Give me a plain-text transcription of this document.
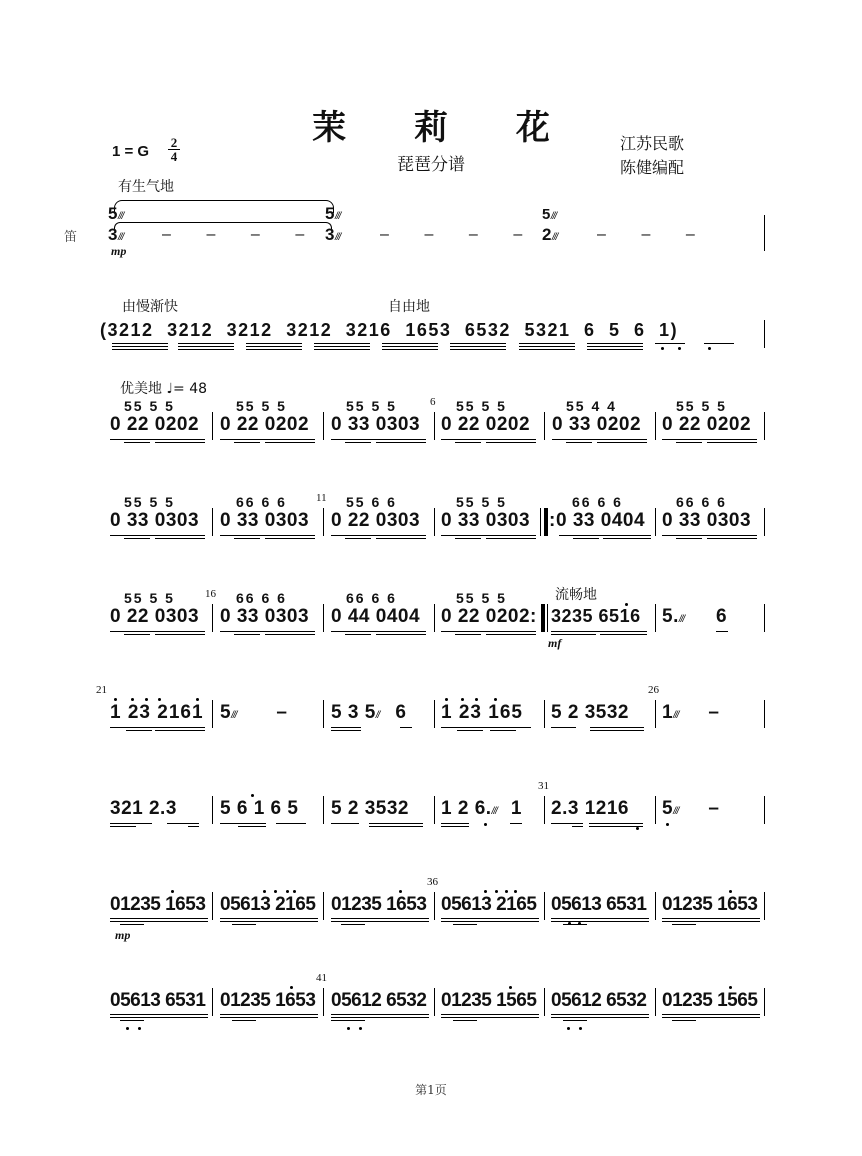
茉 莉 花
琵琶分谱
江苏民歌
陈健编配
1 = G
2
4
有生气地
笛
5///
3///
mp
–        –        –        –
5///
3/// –        –        –        –
5///
2/// –        –        –
由慢渐快	自由地
(3212 3212 3212 3212 3216 1653 6532 5321 6 5 6 1)
优美地 ♩= 48
55 5 5
0 22 0202
55 5 5
0 22 0202
55 5 5
0 33 0303
6 55 5 5
0 22 0202
55 4 4
0 33 0202
55 5 5
0 22 0202
55 5 5
0 33 0303
66 6 6
0 33 0303
11 55 6 6
0 22 0303
55 5 5
0 33 0303 :
66 6 6
0 33 0404
66 6 6
0 33 0303
流畅地
55 5 5
0 22 0303
16 66 6 6
0 33 0303
66 6 6
0 44 0404
55 5 5
0 22 0202: 3235 6516 5./// 6
mf
21
1 23 2161 5/// – 5 3 5// 6 1 23 165 5 2 3532
26
1/// –
321 2.3 5 6 1 6 5 5 2 3532 1 2 6./// 1
31
2.3 1216 5/// –
01235 1653 05613 2165 01235 1653
36
05613 2165 05613 6531 01235 1653
mp
05613 6531 01235 1653
41
05612 6532 01235 1565 05612 6532 01235 1565
第1页
